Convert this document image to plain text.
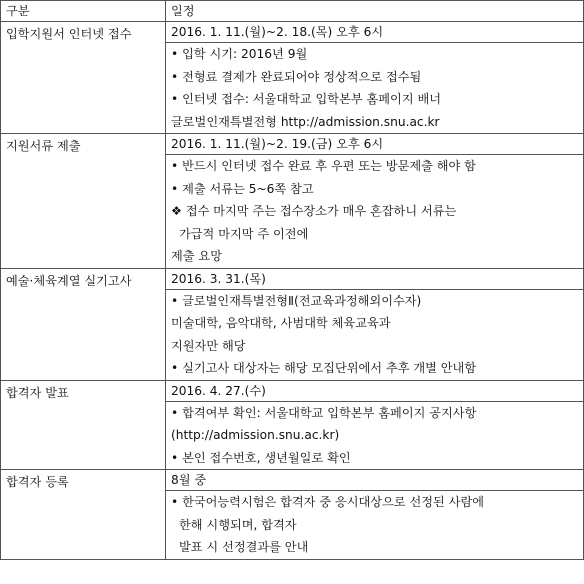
구분	일정
입학지원서 인터넷 접수	2016. 1. 11.(월)~2. 18.(목) 오후 6시

	• 입학 시기: 2016년 9월
• 전형료 결제가 완료되어야 정상적으로 접수됨
• 인터넷 접수: 서울대학교 입학본부 홈페이지 배너
글로벌인재특별전형 http://admission.snu.ac.kr

지원서류 제출	2016. 1. 11.(월)~2. 19.(금) 오후 6시

	• 반드시 인터넷 접수 완료 후 우편 또는 방문제출 해야 함
• 제출 서류는 5~6쪽 참고
❖ 접수 마지막 주는 접수장소가 매우 혼잡하니 서류는
가급적 마지막 주 이전에
제출 요망

예술·체육계열 실기고사	2016. 3. 31.(목)

	• 글로벌인재특별전형Ⅱ(전교육과정해외이수자)
미술대학, 음악대학, 사범대학 체육교육과
지원자만 해당
• 실기고사 대상자는 해당 모집단위에서 추후 개별 안내함

합격자 발표	2016. 4. 27.(수)

	• 합격여부 확인: 서울대학교 입학본부 홈페이지 공지사항
(http://admission.snu.ac.kr)
• 본인 접수번호, 생년월일로 확인

합격자 등록	8월 중

	• 한국어능력시험은 합격자 중 응시대상으로 선정된 사람에
한해 시행되며, 합격자
발표 시 선정결과를 안내
